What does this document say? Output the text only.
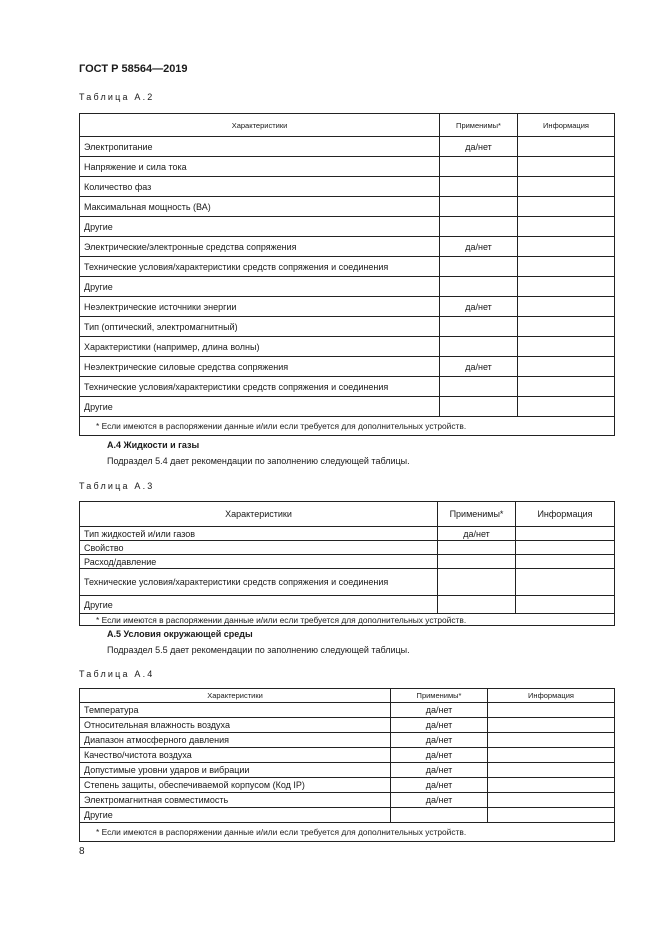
ГОСТ Р 58564—2019
Таблица А.2
Характеристики	Применимы*	Информация
Электропитание	да/нет	
Напряжение и сила тока		
Количество фаз		
Максимальная мощность (ВА)		
Другие		
Электрические/электронные средства сопряжения	да/нет	
Технические условия/характеристики средств сопряжения и соединения		
Другие		
Неэлектрические источники энергии	да/нет	
Тип (оптический, электромагнитный)		
Характеристики (например, длина волны)		
Неэлектрические силовые средства сопряжения	да/нет	
Технические условия/характеристики средств сопряжения и соединения		
Другие		
* Если имеются в распоряжении данные и/или если требуется для дополнительных устройств.		
А.4 Жидкости и газы
Подраздел 5.4 дает рекомендации по заполнению следующей таблицы.
Таблица А.3
Характеристики	Применимы*	Информация
Тип жидкостей и/или газов	да/нет	
Свойство		
Расход/давление		
Технические условия/характеристики средств сопряжения и соединения		
Другие		
* Если имеются в распоряжении данные и/или если требуется для дополнительных устройств.		
А.5 Условия окружающей среды
Подраздел 5.5 дает рекомендации по заполнению следующей таблицы.
Таблица А.4
Характеристики	Применимы*	Информация
Температура	да/нет	
Относительная влажность воздуха	да/нет	
Диапазон атмосферного давления	да/нет	
Качество/чистота воздуха	да/нет	
Допустимые уровни ударов и вибрации	да/нет	
Степень защиты, обеспечиваемой корпусом (Код IP)	да/нет	
Электромагнитная совместимость	да/нет	
Другие		
* Если имеются в распоряжении данные и/или если требуется для дополнительных устройств.		
8
